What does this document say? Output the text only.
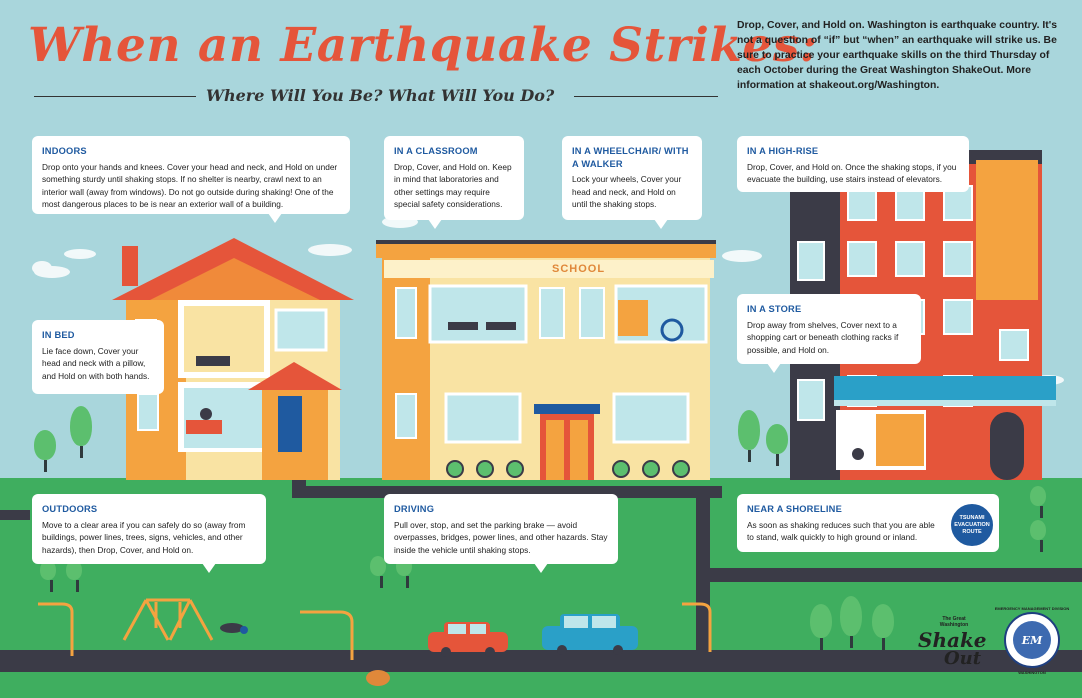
SCHOOL
When an Earthquake Strikes:
Where Will You Be? What Will You Do?
Drop, Cover, and Hold on. Washington is earthquake country. It's not a question of “if” but “when” an earthquake will strike us. Be sure to practice your earthquake skills on the third Thursday of each October during the Great Washington ShakeOut. More information at shakeout.org/Washington.
INDOORS
Drop onto your hands and knees. Cover your head and neck, and Hold on under something sturdy until shaking stops. If no shelter is nearby, crawl next to an interior wall (away from windows). Do not go outside during shaking! One of the most dangerous places to be is near an exterior wall of a building.
IN A CLASSROOM
Drop, Cover, and Hold on. Keep in mind that laboratories and other settings may require special safety considerations.
IN A WHEELCHAIR/ WITH A WALKER
Lock your wheels, Cover your head and neck, and Hold on until the shaking stops.
IN A HIGH-RISE
Drop, Cover, and Hold on. Once the shaking stops, if you evacuate the building, use stairs instead of elevators.
IN BED
Lie face down, Cover your head and neck with a pillow, and Hold on with both hands.
IN A STORE
Drop away from shelves, Cover next to a shopping cart or beneath clothing racks if possible, and Hold on.
OUTDOORS
Move to a clear area if you can safely do so (away from buildings, power lines, trees, signs, vehicles, and other hazards), then Drop, Cover, and Hold on.
DRIVING
Pull over, stop, and set the parking brake — avoid overpasses, bridges, power lines, and other hazards. Stay inside the vehicle until shaking stops.
NEAR A SHORELINE
As soon as shaking reduces such that you are able to stand, walk quickly to high ground or inland.
TSUNAMI
EVACUATION
ROUTE
The Great
Washington
Shake
Out
EM
EMERGENCY MANAGEMENT DIVISION
WASHINGTON
